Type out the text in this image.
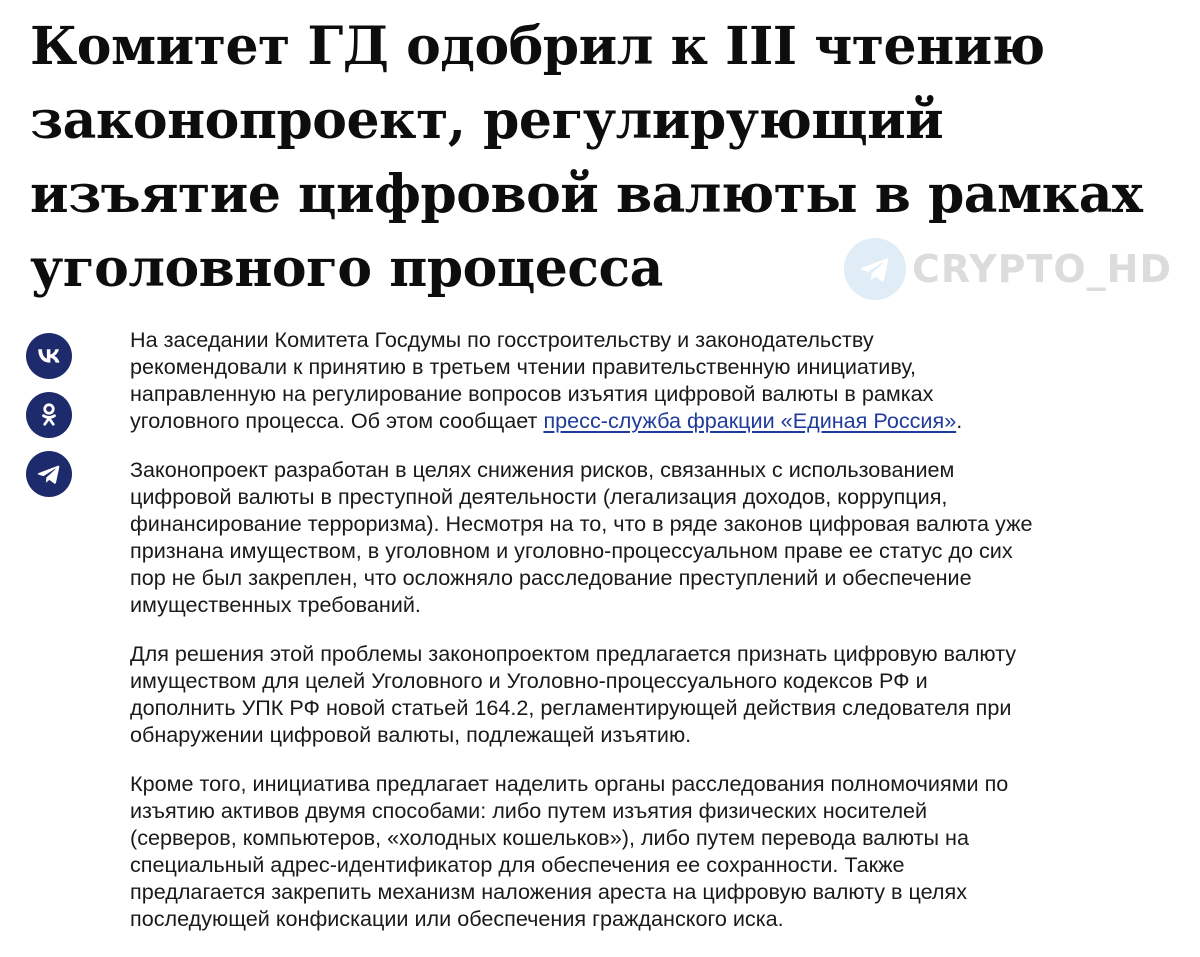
Комитет ГД одобрил к III чтению
законопроект, регулирующий
изъятие цифровой валюты в рамках
уголовного процесса	CRYPTO_HD

На заседании Комитета Госдумы по госстроительству и законодательству
рекомендовали к принятию в третьем чтении правительственную инициативу,
направленную на регулирование вопросов изъятия цифровой валюты в рамках
уголовного процесса. Об этом сообщает пресс-служба фракции «Единая Россия».

Законопроект разработан в целях снижения рисков, связанных с использованием
цифровой валюты в преступной деятельности (легализация доходов, коррупция,
финансирование терроризма). Несмотря на то, что в ряде законов цифровая валюта уже
признана имуществом, в уголовном и уголовно-процессуальном праве ее статус до сих
пор не был закреплен, что осложняло расследование преступлений и обеспечение
имущественных требований.

Для решения этой проблемы законопроектом предлагается признать цифровую валюту
имуществом для целей Уголовного и Уголовно-процессуального кодексов РФ и
дополнить УПК РФ новой статьей 164.2, регламентирующей действия следователя при
обнаружении цифровой валюты, подлежащей изъятию.

Кроме того, инициатива предлагает наделить органы расследования полномочиями по
изъятию активов двумя способами: либо путем изъятия физических носителей
(серверов, компьютеров, «холодных кошельков»), либо путем перевода валюты на
специальный адрес-идентификатор для обеспечения ее сохранности. Также
предлагается закрепить механизм наложения ареста на цифровую валюту в целях
последующей конфискации или обеспечения гражданского иска.
